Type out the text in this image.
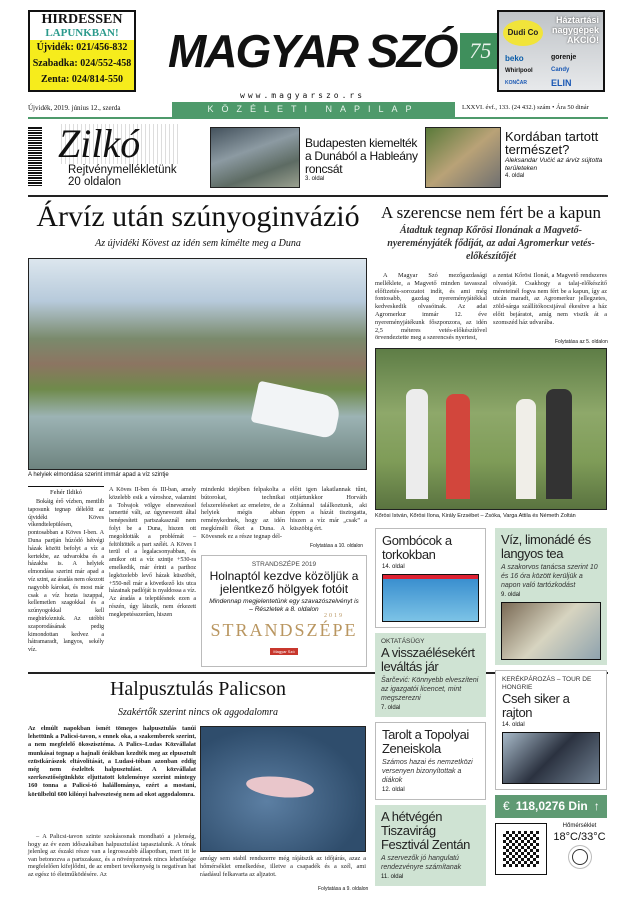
HIRDESSEN
LAPUNKBAN!
Újvidék: 021/456-832
Szabadka: 024/552-458
Zenta: 024/814-550
MAGYAR SZÓ 75
www.magyarszo.rs
KÖZÉLETI NAPILAP
Dudi Co
Háztartási nagygépek AKCIÓ!
beko	gorenje
Whirlpool	Candy
KONČAR	ELIN
Újvidék, 2019. június 12., szerda	LXXVI. évf., 133. (24 432.) szám • Ára 50 dinár
Zilkó
Rejtvénymellékletünk 20 oldalon
Budapesten kiemelték a Dunából a Hableány roncsát
3. oldal
Kordában tartott természet?
Aleksandar Vučić az árvíz sújtotta területeken
4. oldal
Árvíz után szúnyoginvázió
Az újvidéki Kövest az idén sem kímélte meg a Duna
A helyiek elmondása szerint immár apad a víz szintje
Fehér Ildikó
Bokáig érő vízben, mentlib taposunk tegnap délelőtt az újvidéki Köves víkendtelepülésen, pontosabban a Köves I-ben. A Duna partján húzódó hétvégi házak között befolyt a víz a kertekbe, az udvarokba és a házakba is. A helyiek elmondása szerint már apad a víz szint, az áradás nem okozott nagyobb károkat, és most már csak a víz hozta iszappal, kellemetlen szagokkal és a szúnyogokkal kell megbirkózniuk. Az utóbbi szaporodásának pedig kimondottan kedvez a hátramaradt, langyos, sekély víz.
A Köves II-ben és III-ban, amely közelebb esik a városhoz, valamint a Tolvajok völgye elnevezéssel ismertté vált, az úgynevezett által benépesített partszakasznál nem folyt be a Duna, hiszen ott megoldották a problémát – feltöltötték a part szélét. A Köves I terül el a legalacsonyabban, és amikor ott a víz szintje +530-ra emelkedik, már érinti a parthoz legközelebb levő házak küszöbét, +550-nél már a következő kis utca házainak padlóját is nyaldossa a víz. Az áradás a településnek ezen a részén, úgy látszik, nem érkezett meglepetésszerűen, hiszen
mindenki idejében felpakolta a bútorokat, technikai felszereléseket az emeletre, de a helyiek mégis abban reménykednek, hogy az idén megkíméli őket a Duna. A Kövesnek ez a része tegnap dél-
előtt igen lakatlannak tűnt, ottjártunkkor Horváth Zoltánnal találkoztunk, aki éppen a házát tisztogatta, hiszen a víz már „csak” a küszöbig ért.
Folytatása a 10. oldalon
STRANDSZÉPE 2019
Holnaptól kezdve közöljük a jelentkező hölgyek fotóit
Mindennap megjelentetünk egy szavazószelvényt is – Részletek a 8. oldalon
STRANDSZÉPE
2019
Magyar Szó
Halpusztulás Palicson
Szakértők szerint nincs ok aggodalomra
Az elmúlt napokban ismét tömeges halpusztulás tanúi lehettünk a Palicsi-tavon, s ennek oka, a szakemberek szerint, a nem megfelelő ökoszisztéma. A Palics–Ludas Közvállalat munkásai tegnap a hajnali órákban kezdték meg az elpusztult ezüstkárászok eltávolítását, a Ludasi-tóban azonban eddig még nem észleltek halpusztulást. A közvállalat szerkesztőségünkhöz eljuttatott közleménye szerint mintegy 160 tonna a Palicsi-tó halállománya, ezért a mostani, körülbelül 600 kilónyi halveszteség nem ad okot aggodalomra.
– A Palicsi-tavon szinte szokásosnak mondható a jelenség, hogy az év ezen időszakában halpusztulást tapasztalunk. A tónak jelenleg az északi része van a legrosszabb állapotban, mert itt le van betonozva a partszakasz, és a növényzetnek nincs lehetősége megfelelően kifejlődni, de az emberi tevékenység is negatívan hat az egész tó életműködésére. Az
amúgy sem stabil rendszerre még rájátszik az időjárás, azaz a hőmérséklet emelkedése, illetve a csapadék és a szél, ami ráadásul felkavarta az aljzatot.
Folytatása a 9. oldalon
A szerencse nem fért be a kapun
Átadtuk tegnap Kőrösi Ilonának a Magvető-nyereményjáték fődíját, az adai Agromerkur vetés-előkészítőjét
A Magyar Szó mezőgazdasági melléklete, a Magvető minden tavasszal előfizetés-sorozatot indít, és ami még fontosabb, gazdag nyereményjátékkal kedveskedik olvasóinak. Az adai Agromerkur immár 12. éve nyereményjátékunk főszponzora, az idén 2,5 méteres vetés-előkészítővel örvendeztette meg a szerencsés nyertest,
a zentai Kőrösi Ilonát, a Magvető rendszeres olvasóját. Csakhogy a talaj-előkészítő méreteinél fogva nem fért be a kapun, így az utcán maradt, az Agromerkur jellegzetes, zöld-sárga szállítókocsijával ékesítve a ház előtt bejáratot, amíg nem viszik át a szomszéd ház udvarába.
Folytatása az 5. oldalon
Kőrösi István, Kőrösi Ilona, Király Erzsébet – Zsóka, Varga Attila és Németh Zoltán
Gombócok a torkokban
14. oldal
OKTATÁSÜGY
A visszaélésekért leváltás jár
Šarčević: Könnyebb elveszíteni az igazgatói licencet, mint megszerezni
7. oldal
Tarolt a Topolyai Zeneiskola
Számos hazai és nemzetközi versenyen bizonyítottak a diákok
12. oldal
A hétvégén Tiszavirág Fesztivál Zentán
A szervezők jó hangulatú rendezvényre számítanak
11. oldal
Víz, limonádé és langyos tea
A szakorvos tanácsa szerint 10 és 16 óra között kerüljük a napon való tartózkodást
9. oldal
KERÉKPÁROZÁS – TOUR DE HONGRIE
Cseh siker a rajton
14. oldal
€ 118,0276 Din ↑
Hőmérséklet
18°C/33°C
